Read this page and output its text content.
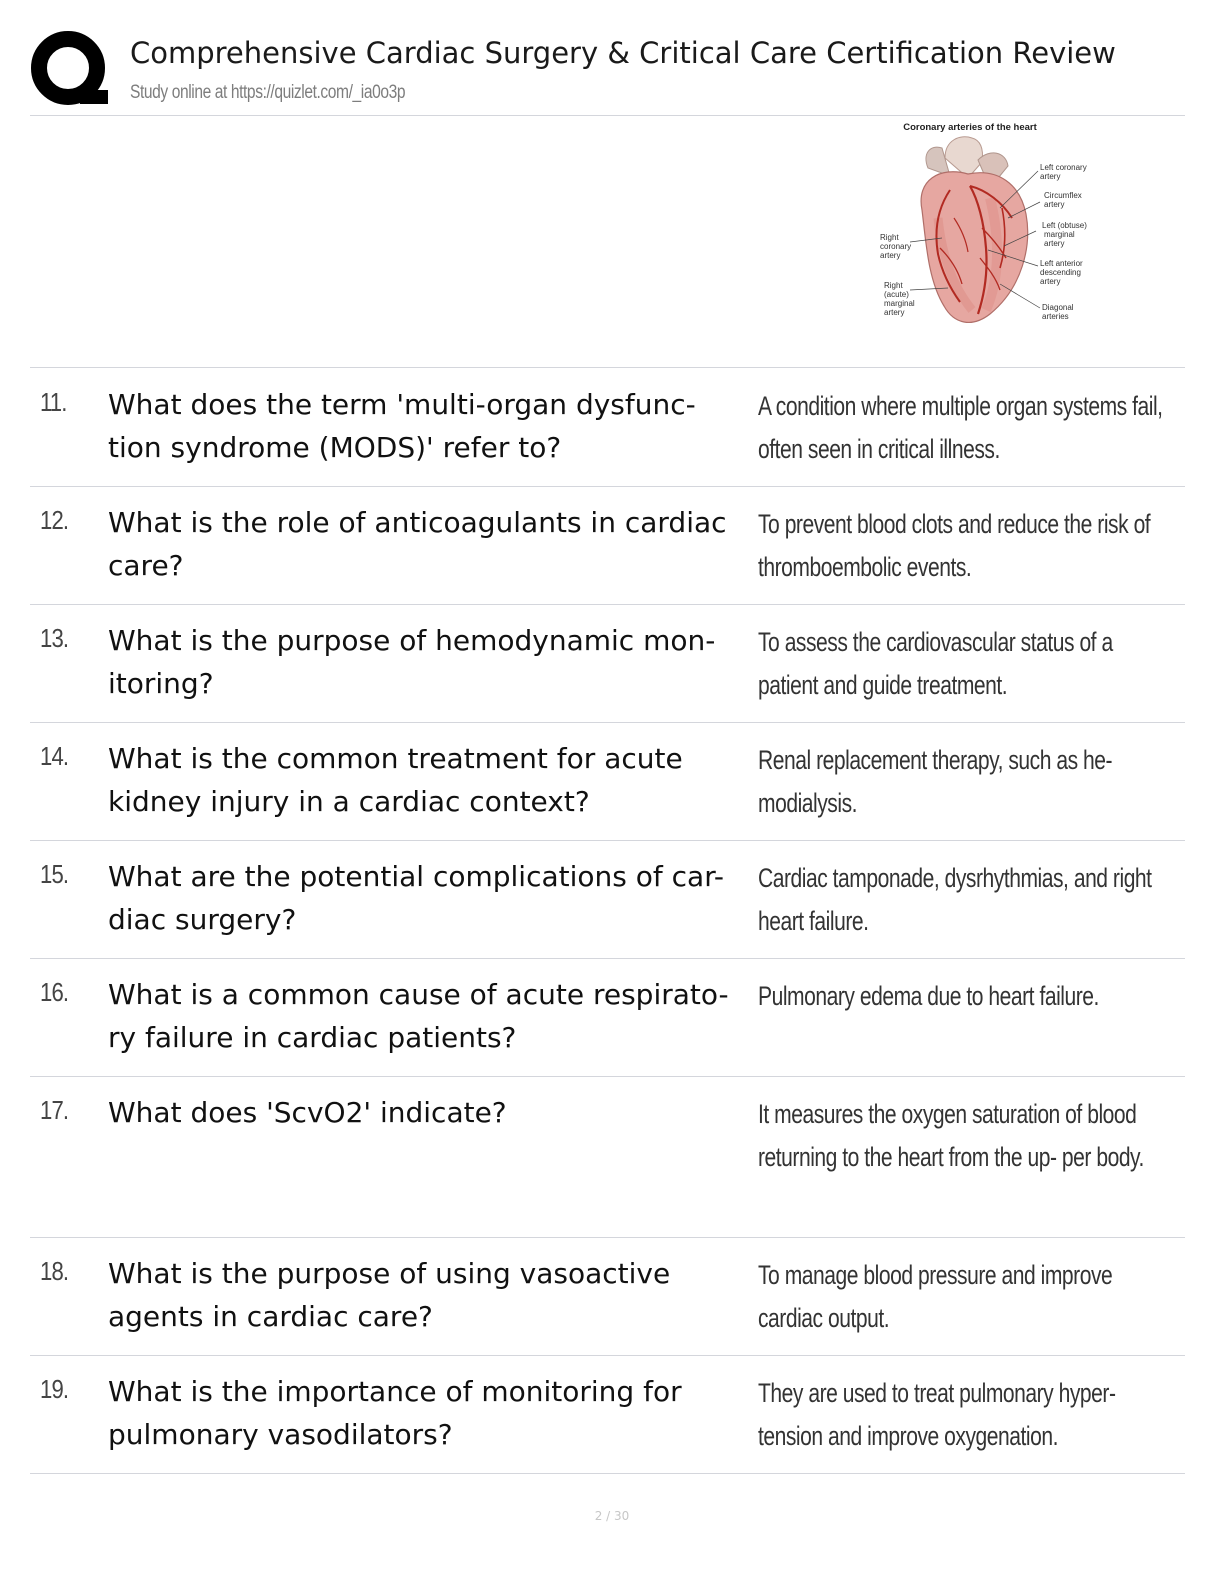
Comprehensive Cardiac Surgery & Critical Care Certification Review
Study online at https://quizlet.com/_ia0o3p
Coronary arteries of the heart
Left coronary
artery
Circumflex
artery
Left (obtuse)
marginal
artery
Left anterior
descending
artery
Diagonal
arteries
Right
coronary
artery
Right
(acute)
marginal
artery
11. What does the term 'multi-organ dysfunc- tion syndrome (MODS)' refer to?
A condition where multiple organ systems fail, often seen in critical illness.
12. What is the role of anticoagulants in cardiac care?
To prevent blood clots and reduce the risk of thromboembolic events.
13. What is the purpose of hemodynamic mon- itoring?
To assess the cardiovascular status of a patient and guide treatment.
14. What is the common treatment for acute kidney injury in a cardiac context?
Renal replacement therapy, such as he- modialysis.
15. What are the potential complications of car- diac surgery?
Cardiac tamponade, dysrhythmias, and right heart failure.
16. What is a common cause of acute respirato- ry failure in cardiac patients?
Pulmonary edema due to heart failure.
17. What does 'ScvO2' indicate?	It measures the oxygen saturation of blood returning to the heart from the up- per body.
18. What is the purpose of using vasoactive agents in cardiac care?
To manage blood pressure and improve cardiac output.
19. What is the importance of monitoring for pulmonary vasodilators?
They are used to treat pulmonary hyper- tension and improve oxygenation.
2 / 30
